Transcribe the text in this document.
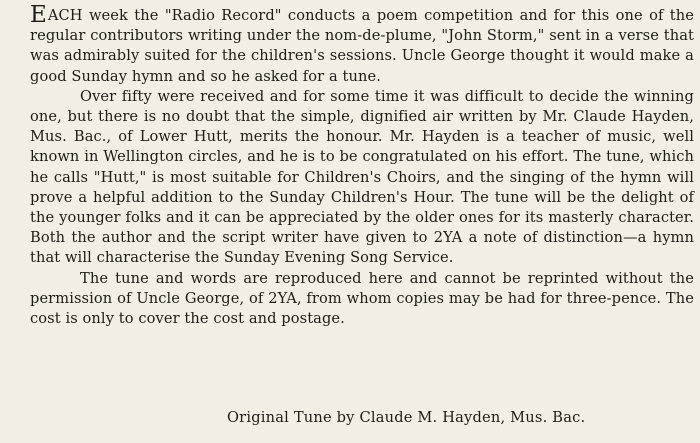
EACH week the "Radio Record" conducts a poem competition and for this one of the regular contributors writing under the nom-de-plume, "John Storm," sent in a verse that was admirably suited for the children's sessions. Uncle George thought it would make a good Sunday hymn and so he asked for a tune.

Over fifty were received and for some time it was difficult to decide the winning one, but there is no doubt that the simple, dignified air written by Mr. Claude Hayden, Mus. Bac., of Lower Hutt, merits the honour. Mr. Hayden is a teacher of music, well known in Wellington circles, and he is to be congratulated on his effort. The tune, which he calls "Hutt," is most suitable for Children's Choirs, and the singing of the hymn will prove a helpful addition to the Sunday Children's Hour. The tune will be the delight of the younger folks and it can be appreciated by the older ones for its masterly character. Both the author and the script writer have given to 2YA a note of distinction—a hymn that will characterise the Sunday Evening Song Service.

The tune and words are reproduced here and cannot be reprinted without the permission of Uncle George, of 2YA, from whom copies may be had for three-pence. The cost is only to cover the cost and postage.

Original Tune by Claude M. Hayden, Mus. Bac.
